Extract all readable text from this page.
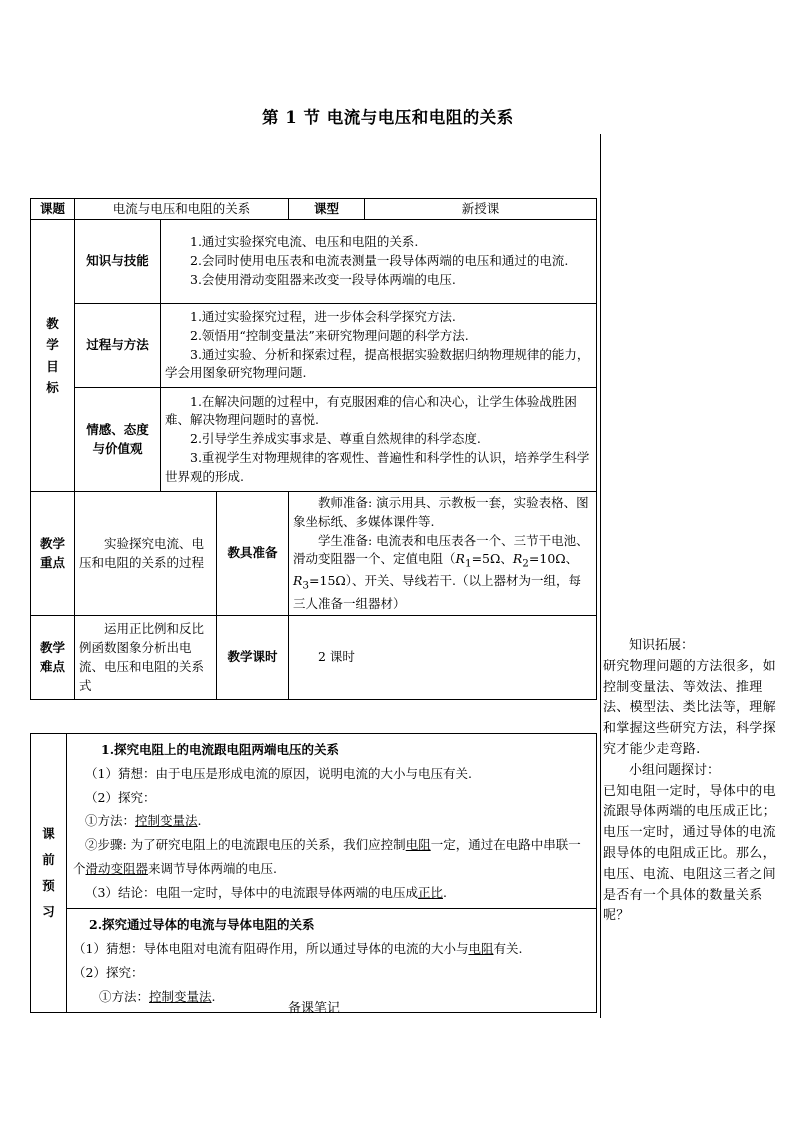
第 1 节 电流与电压和电阻的关系
课题	电流与电压和电阻的关系			课型	新授课
教学目标	知识与技能	1.通过实验探究电流、电压和电阻的关系.
2.会同时使用电压表和电流表测量一段导体两端的电压和通过的电流.
3.会使用滑动变阻器来改变一段导体两端的电压.			

	过程与方法	1.通过实验探究过程，进一步体会科学探究方法.
2.领悟用“控制变量法”来研究物理问题的科学方法.
3.通过实验、分析和探索过程，提高根据实验数据归纳物理规律的能力，学会用图象研究物理问题.			

	情感、态度与价值观	1.在解决问题的过程中，有克服困难的信心和决心，让学生体验战胜困难、解决物理问题时的喜悦.
2.引导学生养成实事求是、尊重自然规律的科学态度.
3.重视学生对物理规律的客观性、普遍性和科学性的认识，培养学生科学世界观的形成.			

教学重点	实验探究电流、电压和电阻的关系的过程		教具准备	教师准备: 演示用具、示教板一套，实验表格、图象坐标纸、多媒体课件等.
学生准备: 电流表和电压表各一个、三节干电池、滑动变阻器一个、定值电阻（$R_1=5\Omega$、$R_2=10\Omega$、$R_3=15\Omega$）、开关、导线若干.（以上器材为一组，每三人准备一组器材）	

教学难点	运用正比例和反比例函数图象分析出电流、电压和电阻的关系式		教学课时	2 课时	
课前预习	
1.探究电阻上的电流跟电阻两端电压的关系
（1）猜想：由于电压是形成电流的原因，说明电流的大小与电压有关.
（2）探究：
①方法：控制变量法.
②步骤: 为了研究电阻上的电流跟电压的关系，我们应控制电阻一定，通过在电路中串联一个滑动变阻器来调节导体两端的电压.
（3）结论：电阻一定时，导体中的电流跟导体两端的电压成正比.

2.探究通过导体的电流与导体电阻的关系
（1）猜想：导体电阻对电流有阻碍作用，所以通过导体的电流的大小与电阻有关.
（2）探究：
①方法：控制变量法.

知识拓展：

研究物理问题的方法很多，如控制变量法、等效法、推理法、模型法、类比法等，理解和掌握这些研究方法，科学探究才能少走弯路.

小组问题探讨：

已知电阻一定时，导体中的电流跟导体两端的电压成正比；电压一定时，通过导体的电流跟导体的电阻成正比。那么，电压、电流、电阻这三者之间是否有一个具体的数量关系呢？

备课笔记
